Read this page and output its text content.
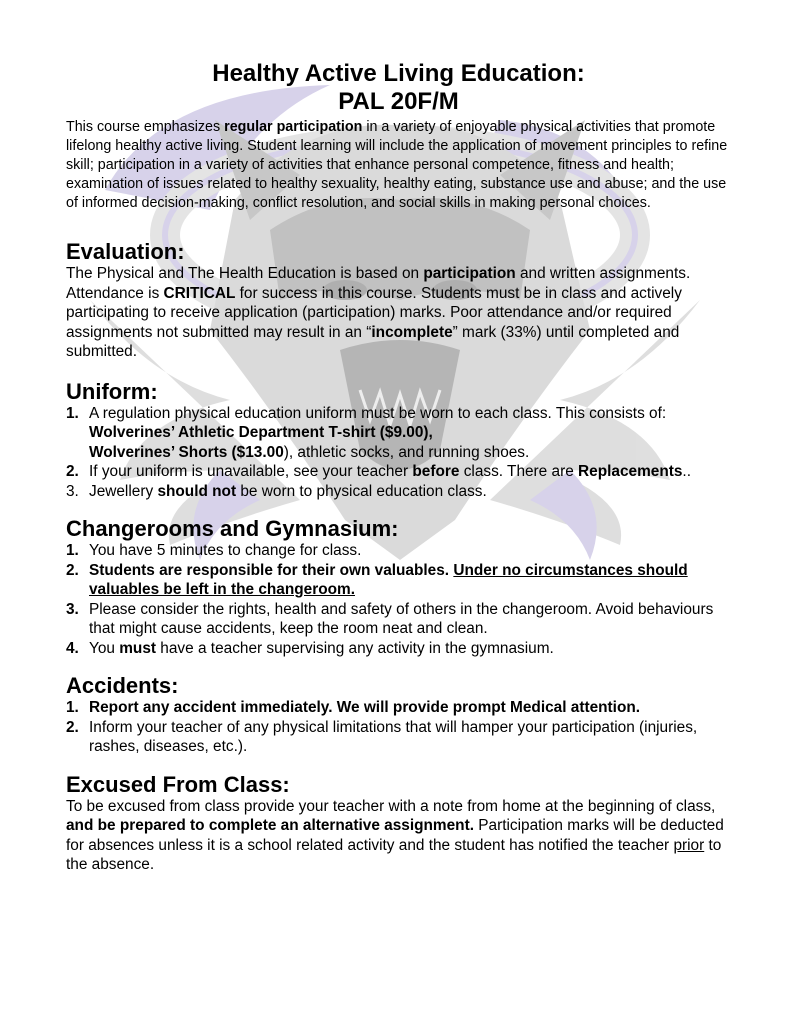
Healthy Active Living Education:
PAL 20F/M

This course emphasizes regular participation in a variety of enjoyable physical activities that promote lifelong healthy active living. Student learning will include the application of movement principles to refine skill; participation in a variety of activities that enhance personal competence, fitness and health; examination of issues related to healthy sexuality, healthy eating, substance use and abuse; and the use of informed decision-making, conflict resolution, and social skills in making personal choices.

Evaluation:

The Physical and The Health Education is based on participation and written assignments. Attendance is CRITICAL for success in this course. Students must be in class and actively participating to receive application (participation) marks. Poor attendance and/or required assignments not submitted may result in an “incomplete” mark (33%) until completed and submitted.

Uniform:
1. A regulation physical education uniform must be worn to each class. This consists of:
Wolverines’ Athletic Department T-shirt ($9.00),
Wolverines’ Shorts ($13.00), athletic socks, and running shoes.
2. If your uniform is unavailable, see your teacher before class. There are Replacements..
3. Jewellery should not be worn to physical education class.
Changerooms and Gymnasium:
1. You have 5 minutes to change for class.
2. Students are responsible for their own valuables. Under no circumstances should valuables be left in the changeroom.
3. Please consider the rights, health and safety of others in the changeroom. Avoid behaviours that might cause accidents, keep the room neat and clean.
4. You must have a teacher supervising any activity in the gymnasium.
Accidents:
1. Report any accident immediately. We will provide prompt Medical attention.
2. Inform your teacher of any physical limitations that will hamper your participation (injuries, rashes, diseases, etc.).
Excused From Class:

To be excused from class provide your teacher with a note from home at the beginning of class, and be prepared to complete an alternative assignment. Participation marks will be deducted for absences unless it is a school related activity and the student has notified the teacher prior to the absence.
